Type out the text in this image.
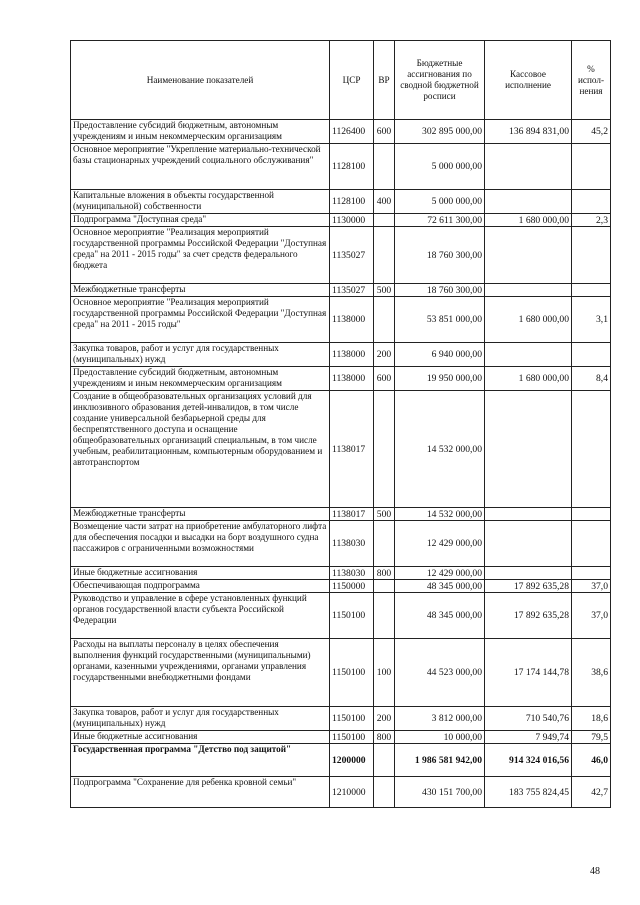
Наименование показателей	ЦСР	ВР	Бюджетные ассигнования по сводной бюджетной росписи	Кассовое исполнение	% испол-нения
Предоставление субсидий бюджетным, автономным учреждениям и иным некоммерческим организациям	1126400	600	302 895 000,00	136 894 831,00	45,2
Основное мероприятие "Укрепление материально-технической базы стационарных учреждений социального обслуживания"	1128100		5 000 000,00		
Капитальные вложения в объекты государственной (муниципальной) собственности	1128100	400	5 000 000,00		
Подпрограмма "Доступная среда"	1130000		72 611 300,00	1 680 000,00	2,3
Основное мероприятие "Реализация мероприятий государственной программы Российской Федерации "Доступная среда" на 2011 - 2015 годы" за счет средств федерального бюджета	1135027		18 760 300,00		
Межбюджетные трансферты	1135027	500	18 760 300,00		
Основное мероприятие "Реализация мероприятий государственной программы Российской Федерации "Доступная среда" на 2011 - 2015 годы"	1138000		53 851 000,00	1 680 000,00	3,1
Закупка товаров, работ и услуг для государственных (муниципальных) нужд	1138000	200	6 940 000,00		
Предоставление субсидий бюджетным, автономным учреждениям и иным некоммерческим организациям	1138000	600	19 950 000,00	1 680 000,00	8,4
Создание в общеобразовательных организациях условий для инклюзивного образования детей-инвалидов, в том числе создание универсальной безбарьерной среды для беспрепятственного доступа и оснащение общеобразовательных организаций специальным, в том числе учебным, реабилитационным, компьютерным оборудованием и автотранспортом	1138017		14 532 000,00		
Межбюджетные трансферты	1138017	500	14 532 000,00		
Возмещение части затрат на приобретение амбулаторного лифта для обеспечения посадки и высадки на борт воздушного судна пассажиров с ограниченными возможностями	1138030		12 429 000,00		
Иные бюджетные ассигнования	1138030	800	12 429 000,00		
Обеспечивающая подпрограмма	1150000		48 345 000,00	17 892 635,28	37,0
Руководство и управление в сфере установленных функций органов государственной власти субъекта Российской Федерации	1150100		48 345 000,00	17 892 635,28	37,0
Расходы на выплаты персоналу в целях обеспечения выполнения функций государственными (муниципальными) органами, казенными учреждениями, органами управления государственными внебюджетными фондами	1150100	100	44 523 000,00	17 174 144,78	38,6
Закупка товаров, работ и услуг для государственных (муниципальных) нужд	1150100	200	3 812 000,00	710 540,76	18,6
Иные бюджетные ассигнования	1150100	800	10 000,00	7 949,74	79,5
Государственная программа "Детство под защитой"	1200000		1 986 581 942,00	914 324 016,56	46,0
Подпрограмма "Сохранение для ребенка кровной семьи"	1210000		430 151 700,00	183 755 824,45	42,7
48
